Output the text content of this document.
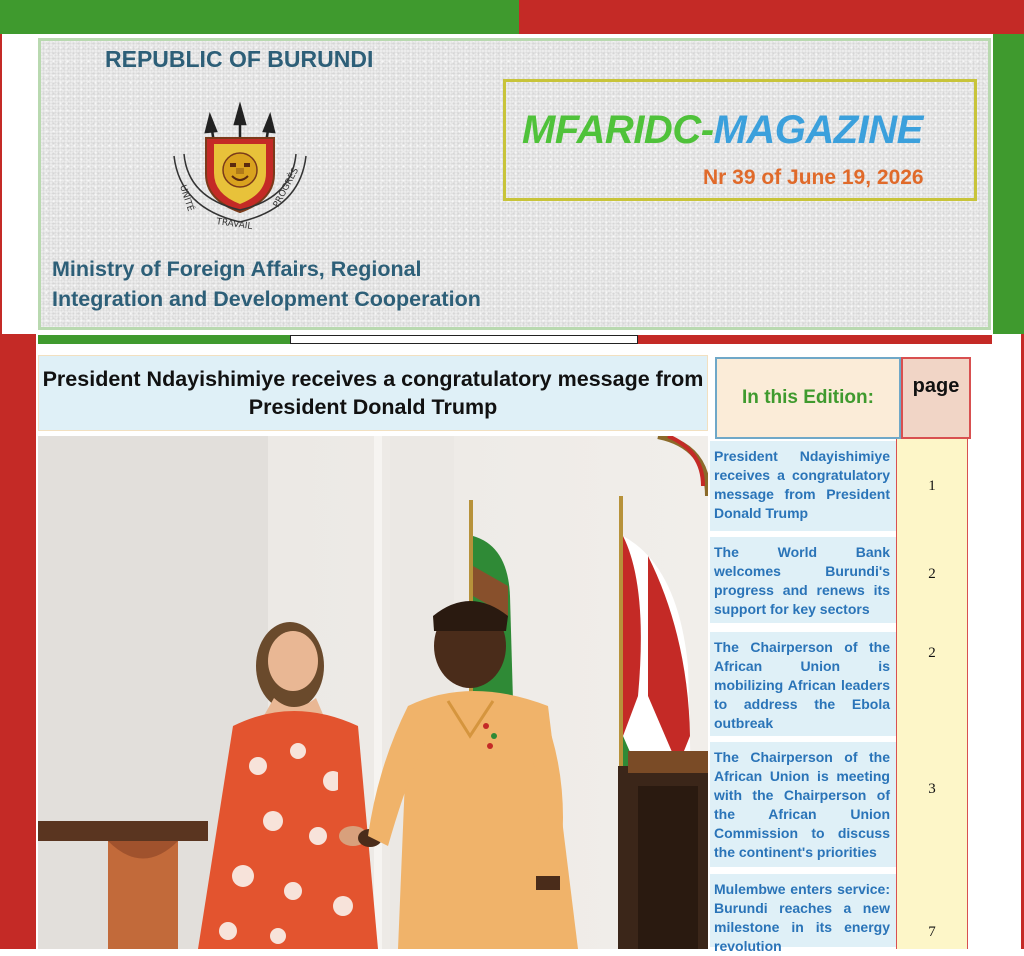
REPUBLIC OF BURUNDI
UNITÉ
TRAVAIL
PROGRÈS
Ministry of Foreign Affairs, Regional Integration and Development Cooperation
MFARIDC-MAGAZINE
Nr 39 of June 19, 2026
President Ndayishimiye receives a congratulatory message from President Donald Trump	In this Edition:
page
President Ndayishimiye receives a congratulatory message from President Donald Trump
1
The World Bank welcomes Burundi's progress and renews its support for key sectors
2
The Chairperson of the African Union is mobilizing African leaders to address the Ebola outbreak
2
The Chairperson of the African Union is meeting with the Chairperson of the African Union Commission to discuss the continent's priorities
3
Mulembwe enters service: Burundi reaches a new milestone in its energy revolution
7
